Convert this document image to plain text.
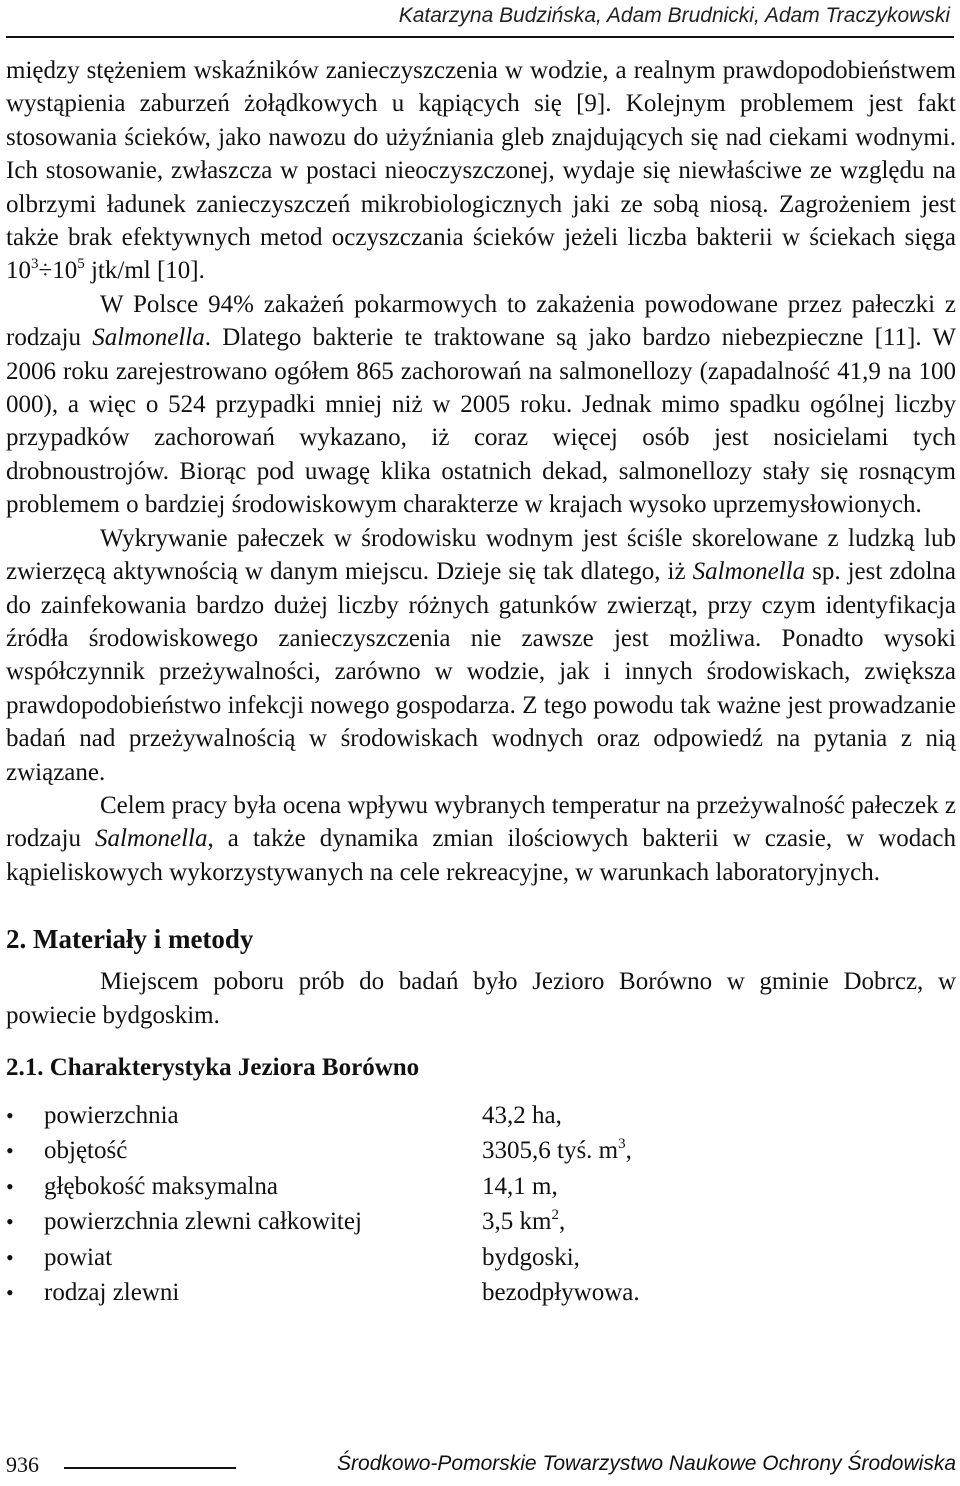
Katarzyna Budzińska, Adam Brudnicki, Adam Traczykowski

między stężeniem wskaźników zanieczyszczenia w wodzie, a realnym prawdopodobieństwem wystąpienia zaburzeń żołądkowych u kąpiących się [9]. Kolejnym problemem jest fakt stosowania ścieków, jako nawozu do użyźniania gleb znajdujących się nad ciekami wodnymi. Ich stosowanie, zwłaszcza w postaci nieoczyszczonej, wydaje się niewłaściwe ze względu na olbrzymi ładunek zanieczyszczeń mikrobiologicznych jaki ze sobą niosą. Zagrożeniem jest także brak efektywnych metod oczyszczania ścieków jeżeli liczba bakterii w ściekach sięga $10^3\div 10^5$ jtk/ml [10].

W Polsce 94% zakażeń pokarmowych to zakażenia powodowane przez pałeczki z rodzaju Salmonella. Dlatego bakterie te traktowane są jako bardzo niebezpieczne [11]. W 2006 roku zarejestrowano ogółem 865 zachorowań na salmonellozy (zapadalność 41,9 na 100 000), a więc o 524 przypadki mniej niż w 2005 roku. Jednak mimo spadku ogólnej liczby przypadków zachorowań wykazano, iż coraz więcej osób jest nosicielami tych drobnoustrojów. Biorąc pod uwagę klika ostatnich dekad, salmonellozy stały się rosnącym problemem o bardziej środowiskowym charakterze w krajach wysoko uprzemysłowionych.

Wykrywanie pałeczek w środowisku wodnym jest ściśle skorelowane z ludzką lub zwierzęcą aktywnością w danym miejscu. Dzieje się tak dlatego, iż Salmonella sp. jest zdolna do zainfekowania bardzo dużej liczby różnych gatunków zwierząt, przy czym identyfikacja źródła środowiskowego zanieczyszczenia nie zawsze jest możliwa. Ponadto wysoki współczynnik przeżywalności, zarówno w wodzie, jak i innych środowiskach, zwiększa prawdopodobieństwo infekcji nowego gospodarza. Z tego powodu tak ważne jest prowadzanie badań nad przeżywalnością w środowiskach wodnych oraz odpowiedź na pytania z nią związane.

Celem pracy była ocena wpływu wybranych temperatur na przeżywalność pałeczek z rodzaju Salmonella, a także dynamika zmian ilościowych bakterii w czasie, w wodach kąpieliskowych wykorzystywanych na cele rekreacyjne, w warunkach laboratoryjnych.

2. Materiały i metody

Miejscem poboru prób do badań było Jezioro Borówno w gminie Dobrcz, w powiecie bydgoskim.

2.1. Charakterystyka Jeziora Borówno
• powierzchnia	43,2 ha,
• objętość	3305,6 tyś. $m^3$,
• głębokość maksymalna	14,1 m,
• powierzchnia zlewni całkowitej	3,5 $km^2$,
• powiat	bydgoski,
• rodzaj zlewni	bezodpływowa.
936	Środkowo-Pomorskie Towarzystwo Naukowe Ochrony Środowiska
